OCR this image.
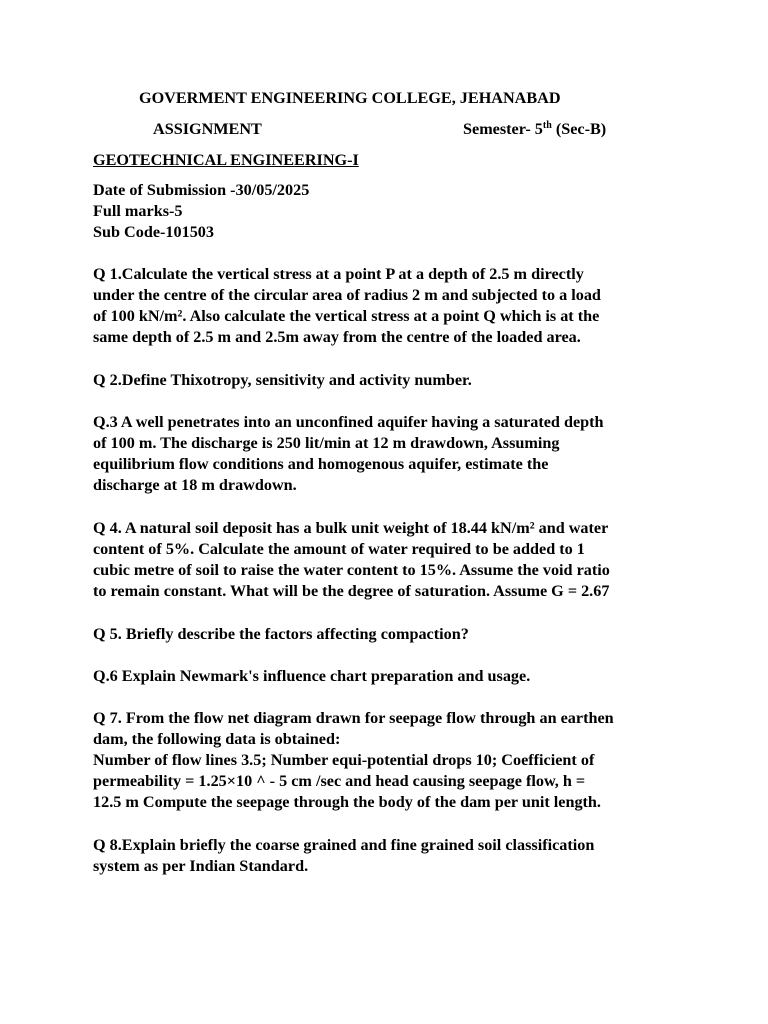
GOVERMENT ENGINEERING COLLEGE, JEHANABAD
ASSIGNMENT	Semester- 5th (Sec-B)
GEOTECHNICAL ENGINEERING-I
Date of Submission -30/05/2025
Full marks-5
Sub Code-101503
Q 1.Calculate the vertical stress at a point P at a depth of 2.5 m directly
under the centre of the circular area of radius 2 m and subjected to a load
of 100 kN/m². Also calculate the vertical stress at a point Q which is at the
same depth of 2.5 m and 2.5m away from the centre of the loaded area.
Q 2.Define Thixotropy, sensitivity and activity number.
Q.3 A well penetrates into an unconfined aquifer having a saturated depth
of 100 m. The discharge is 250 lit/min at 12 m drawdown, Assuming
equilibrium flow conditions and homogenous aquifer, estimate the
discharge at 18 m drawdown.
Q 4. A natural soil deposit has a bulk unit weight of 18.44 kN/m² and water
content of 5%. Calculate the amount of water required to be added to 1
cubic metre of soil to raise the water content to 15%. Assume the void ratio
to remain constant. What will be the degree of saturation. Assume G = 2.67
Q 5. Briefly describe the factors affecting compaction?
Q.6 Explain Newmark's influence chart preparation and usage.
Q 7. From the flow net diagram drawn for seepage flow through an earthen
dam, the following data is obtained:
Number of flow lines 3.5; Number equi-potential drops 10; Coefficient of
permeability = 1.25×10 ^ - 5 cm /sec and head causing seepage flow, h =
12.5 m Compute the seepage through the body of the dam per unit length.
Q 8.Explain briefly the coarse grained and fine grained soil classification
system as per Indian Standard.
